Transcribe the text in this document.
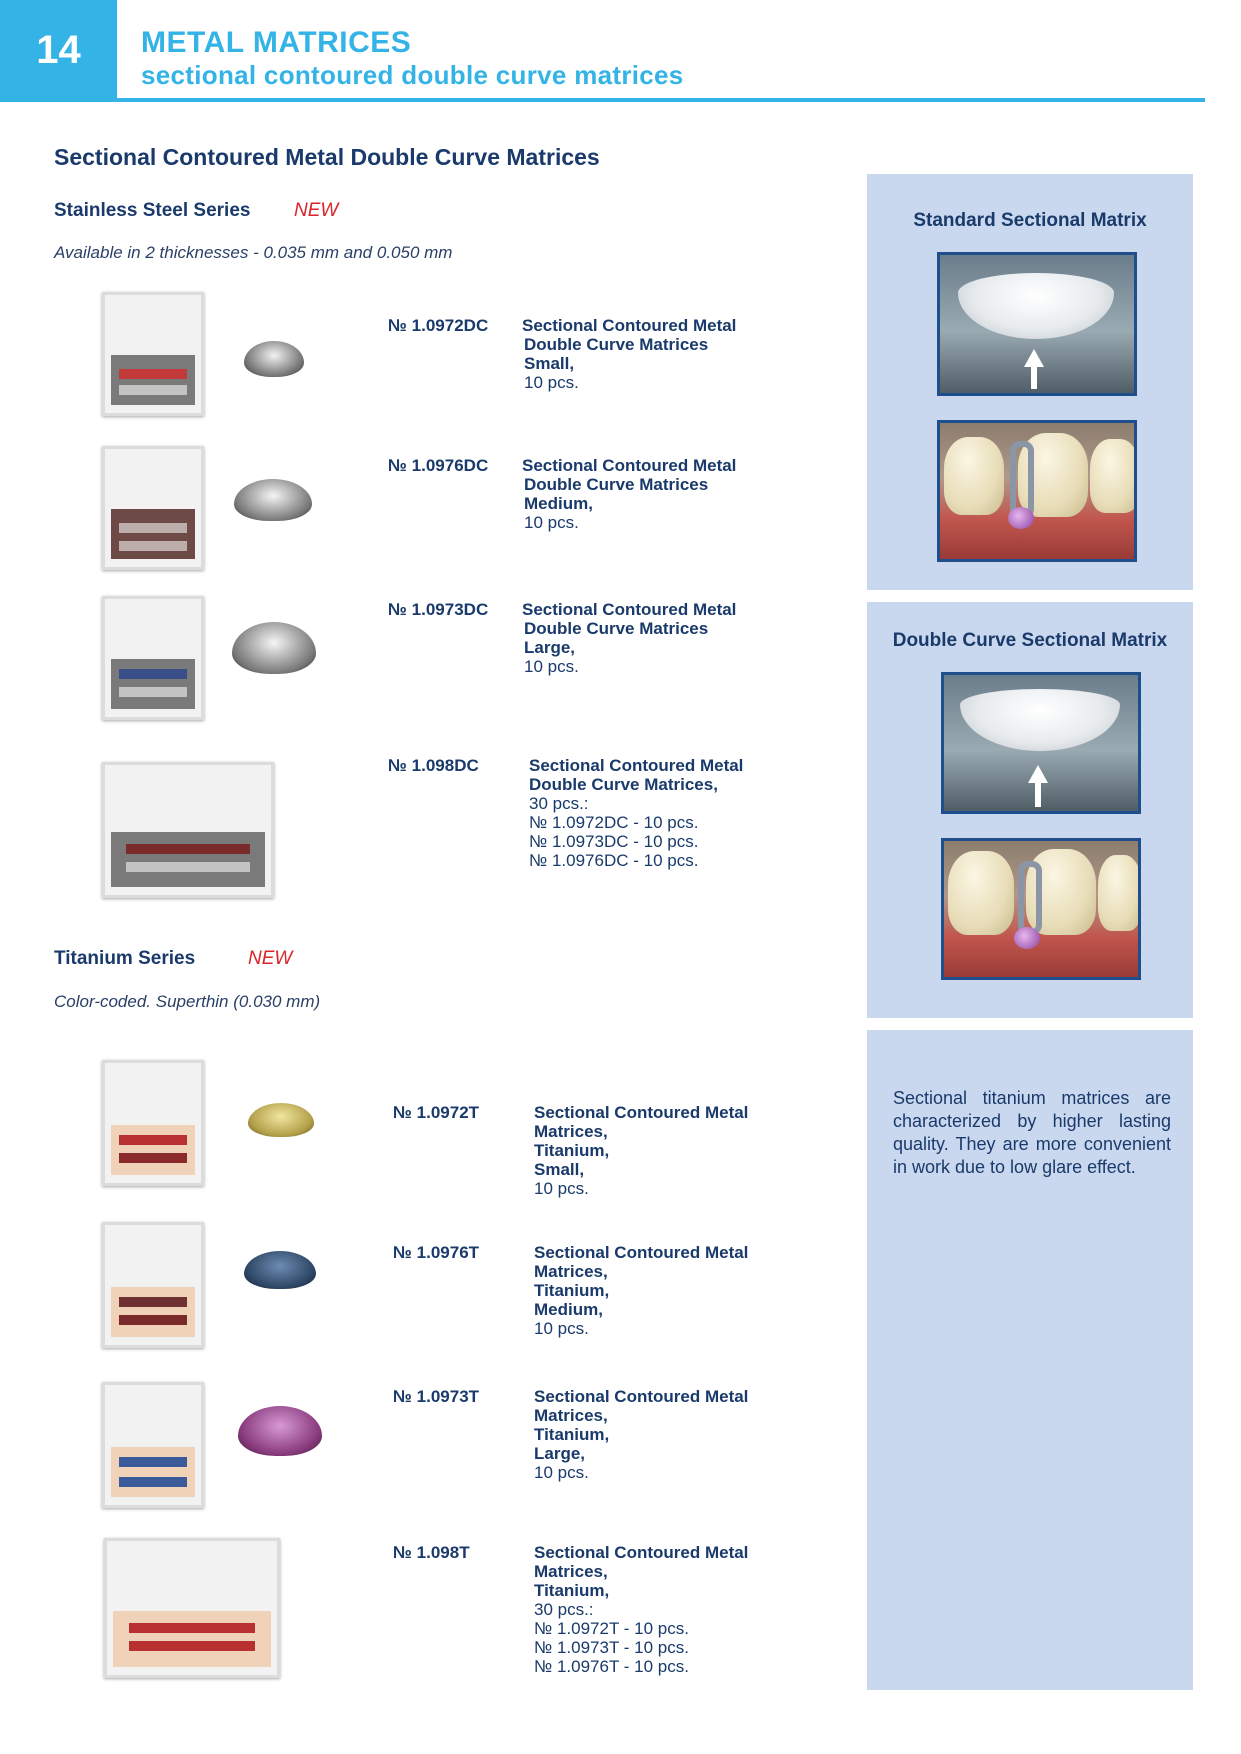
14	METAL MATRICES
sectional contoured double curve matrices
Sectional Contoured Metal Double Curve Matrices
Stainless Steel Series NEW
Available in 2 thicknesses - 0.035 mm and 0.050 mm
№ 1.0972DC Sectional Contoured Metal
Double Curve Matrices
Small,
10 pcs.
№ 1.0976DC Sectional Contoured Metal
Double Curve Matrices
Medium,
10 pcs.
№ 1.0973DC Sectional Contoured Metal
Double Curve Matrices
Large,
10 pcs.
№ 1.098DC	Sectional Contoured Metal
Double Curve Matrices,
30 pcs.:
№ 1.0972DC - 10 pcs.
№ 1.0973DC - 10 pcs.
№ 1.0976DC - 10 pcs.
Titanium Series	NEW
Color-coded. Superthin (0.030 mm)
№ 1.0972T	Sectional Contoured Metal
Matrices,
Titanium,
Small,
10 pcs.
№ 1.0976T	Sectional Contoured Metal
Matrices,
Titanium,
Medium,
10 pcs.
№ 1.0973T	Sectional Contoured Metal
Matrices,
Titanium,
Large,
10 pcs.
№ 1.098T	Sectional Contoured Metal
Matrices,
Titanium,
30 pcs.:
№ 1.0972T - 10 pcs.
№ 1.0973T - 10 pcs.
№ 1.0976T - 10 pcs.
Standard Sectional Matrix
Double Curve Sectional Matrix
Sectional titanium matrices are characterized by higher lasting quality. They are more convenient in work due to low glare effect.
